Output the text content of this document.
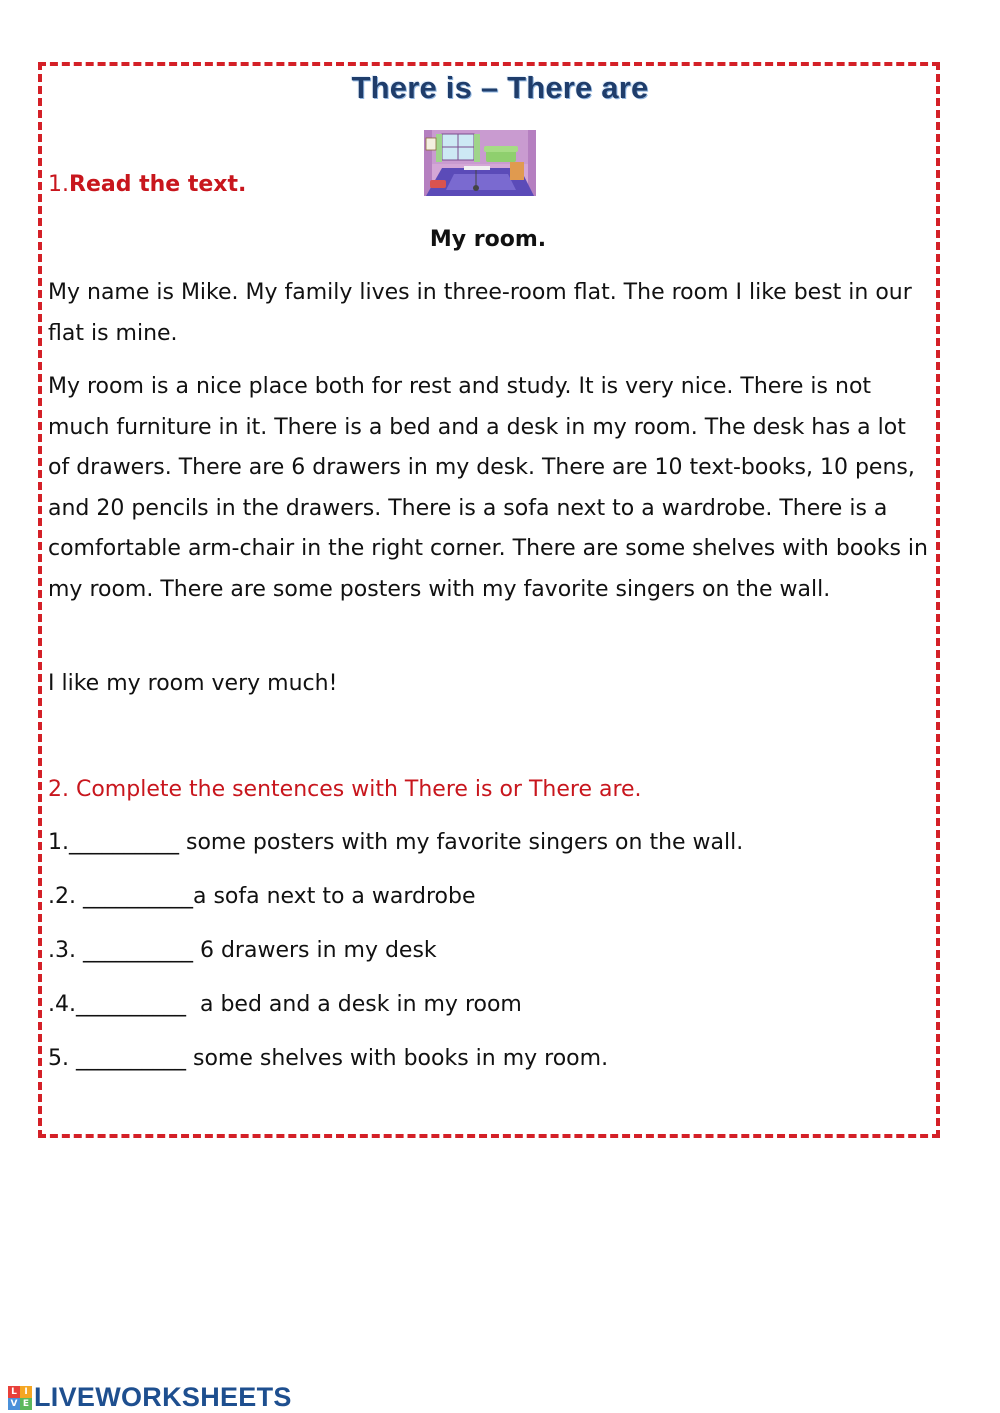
There is – There are
1.Read the text.
My room.

My name is Mike. My family lives in three-room flat. The room I like best in our flat is mine.

My room is a nice place both for rest and study. It is very nice. There is not much furniture in it. There is a bed and a desk in my room. The desk has a lot of drawers. There are 6 drawers in my desk. There are 10 text-books, 10 pens, and 20 pencils in the drawers. There is a sofa next to a wardrobe. There is a comfortable arm-chair in the right corner. There are some shelves with books in my room. There are some posters with my favorite singers on the wall.

I like my room very much!

2. Complete the sentences with There is or There are.
1.__________ some posters with my favorite singers on the wall.
.2. __________a sofa next to a wardrobe
.3. __________ 6 drawers in my desk
.4.__________  a bed and a desk in my room
5. __________ some shelves with books in my room.
L I
V E LIVEWORKSHEETS
